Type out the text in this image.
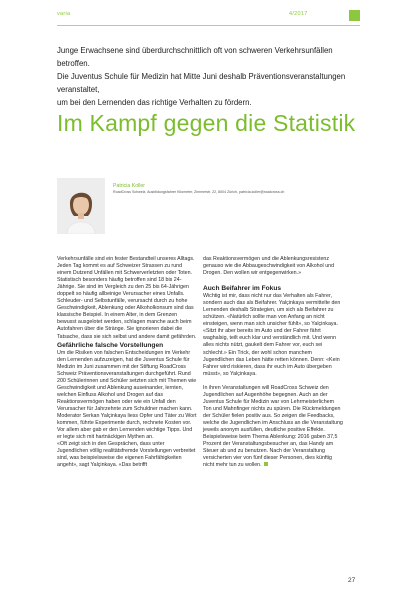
varia	4/2017

Junge Erwachsene sind überdurchschnittlich oft von schweren Verkehrsunfällen betroffen.

Die Juventus Schule für Medizin hat Mitte Juni deshalb Präventionsveranstaltungen veranstaltet,

um bei den Lernenden das richtige Verhalten zu fördern.

Im Kampf gegen die Statistik
Patricia Koller
RoadCross Schweiz, Ausbildungsfahrer Kilometer, Zimmerstr. 22, 8004 Zürich, patricia.koller@roadcross.ch

Verkehrsunfälle sind ein fester Bestandteil unseres Alltags. Jeden Tag kommt es auf Schweizer Strassen zu rund einem Dutzend Unfällen mit Schwerverletzten oder Toten. Statistisch besonders häufig betroffen sind 18 bis 24-Jährige. Sie sind im Vergleich zu den 25 bis 64-Jährigen doppelt so häufig allbeinige Verursacher eines Unfalls. Schleuder- und Selbstunfälle, verursacht durch zu hohe Geschwindigkeit, Ablenkung oder Alkoholkonsum sind das klassische Beispiel. In einem Alter, in dem Grenzen bewusst ausgelotet werden, schlagen manche auch beim Autofahren über die Stränge. Sie ignorieren dabei die Tatsache, dass sie sich selbst und andere damit gefährden.

Gefährliche falsche Vorstellungen

Um die Risiken von falschen Entscheidungen im Verkehr den Lernenden aufzuzeigen, hat die Juventus Schule für Medizin im Juni zusammen mit der Stiftung RoadCross Schweiz Präventionsveranstaltungen durchgeführt. Rund 200 Schülerinnen und Schüler setzten sich mit Themen wie Geschwindigkeit und Ablenkung auseinander, lernten, welchen Einfluss Alkohol und Drogen auf das Reaktionsvermögen haben oder wie ein Unfall den Verursacher für Jahrzehnte zum Schuldner machen kann. Moderator Serkan Yalçinkaya liess Opfer und Täter zu Wort kommen, führte Experimente durch, rechnete Kosten vor. Vor allem aber gab er den Lernenden wichtige Tipps. Und er legte sich mit hartnäckigen Mythen an.

«Oft zeigt sich in den Gesprächen, dass unter Jugendlichen völlig realitätsfremde Vorstellungen verbreitet sind, was beispielsweise die eigenen Fahrfähigkeiten angeht», sagt Yalçinkaya. «Das betrifft

das Reaktionsvermögen und die Ablenkungsresistenz genauso wie die Abbaugeschwindigkeit von Alkohol und Drogen. Den wollen wir entgegenwirken.»

Auch Beifahrer im Fokus

Wichtig ist mir, dass nicht nur das Verhalten als Fahrer, sondern auch das als Beifahrer. Yalçinkaya vermittelte den Lernenden deshalb Strategien, um sich als Beifahrer zu schützen. «Natürlich sollte man von Anfang an nicht einsteigen, wenn man sich unsicher fühlt», so Yalçinkaya. «Sitzt ihr aber bereits im Auto und der Fahrer fährt waghalsig, teilt euch klar und verständlich mit. Und wenn alles nichts nützt, gaukelt dem Fahrer vor, euch sei schlecht.» Ein Trick, der wohl schon manchem Jugendlichen das Leben hätte retten können. Denn: «Kein Fahrer wird riskieren, dass ihr euch im Auto übergeben müsst», so Yalçinkaya.

In ihren Veranstaltungen will RoadCross Schweiz den Jugendlichen auf Augenhöhe begegnen. Auch an der Juventus Schule für Medizin war von Lehrmeisterlichem Ton und Mahnfinger nichts zu spüren. Die Rückmeldungen der Schüler fielen positiv aus. So zeigen die Feedbacks, welche die Jugendlichen im Anschluss an die Veranstaltung jeweils anonym ausfüllen, deutliche positive Effekte. Beispielsweise beim Thema Ablenkung: 2016 gaben 37,5 Prozent der Veranstaltungsbesucher an, das Handy am Steuer ab und zu benutzen. Nach der Veranstaltung versicherten vier von fünf dieser Personen, dies künftig nicht mehr tun zu wollen.

27
